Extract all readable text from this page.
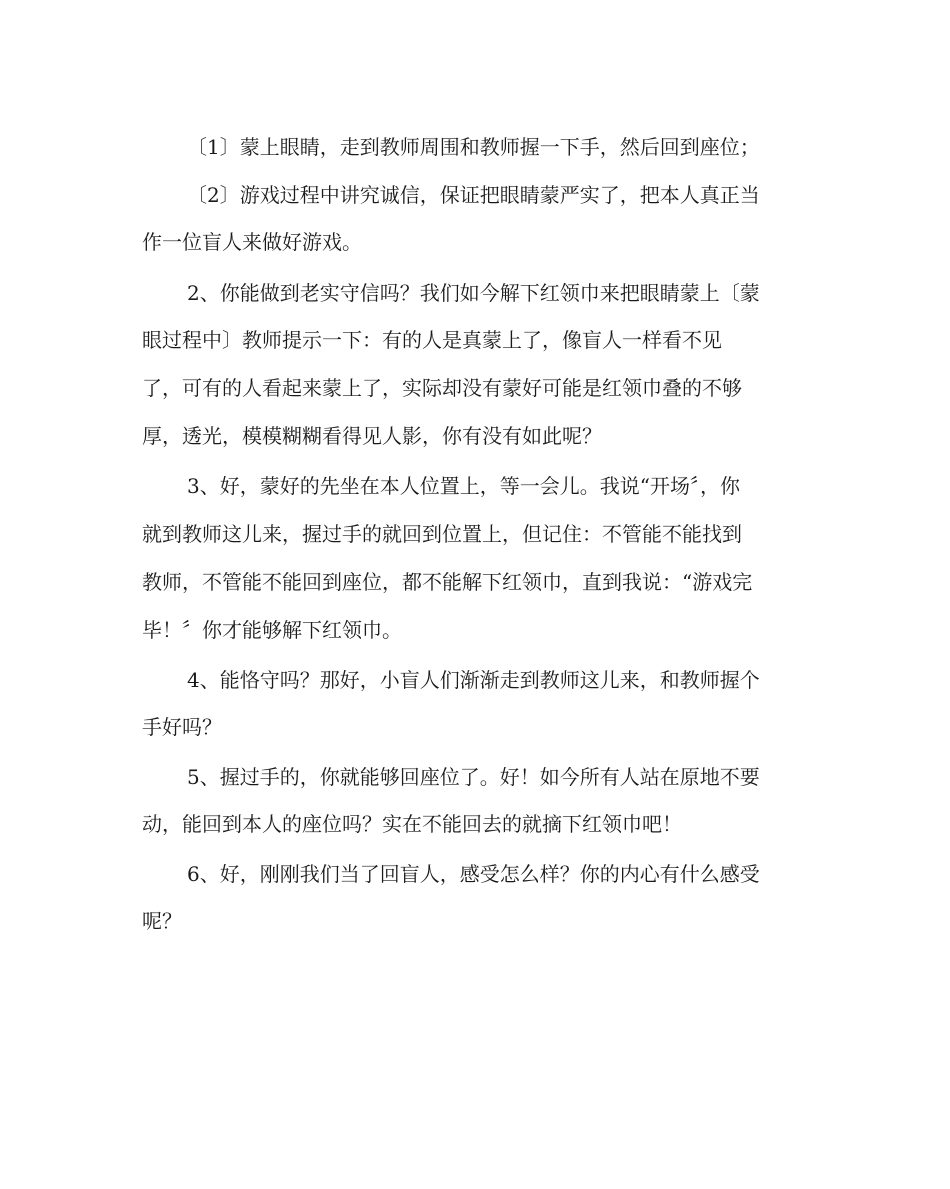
〔1〕蒙上眼睛，走到教师周围和教师握一下手，然后回到座位；
〔2〕游戏过程中讲究诚信，保证把眼睛蒙严实了，把本人真正当
作一位盲人来做好游戏。
2、你能做到老实守信吗？我们如今解下红领巾来把眼睛蒙上〔蒙
眼过程中〕教师提示一下：有的人是真蒙上了，像盲人一样看不见
了，可有的人看起来蒙上了，实际却没有蒙好可能是红领巾叠的不够
厚，透光，模模糊糊看得见人影，你有没有如此呢？
3、好，蒙好的先坐在本人位置上，等一会儿。我说“开场〞，你
就到教师这儿来，握过手的就回到位置上，但记住：不管能不能找到
教师，不管能不能回到座位，都不能解下红领巾，直到我说：“游戏完
毕！〞你才能够解下红领巾。
4、能恪守吗？那好，小盲人们渐渐走到教师这儿来，和教师握个
手好吗？
5、握过手的，你就能够回座位了。好！如今所有人站在原地不要
动，能回到本人的座位吗？实在不能回去的就摘下红领巾吧！
6、好，刚刚我们当了回盲人，感受怎么样？你的内心有什么感受
呢？
